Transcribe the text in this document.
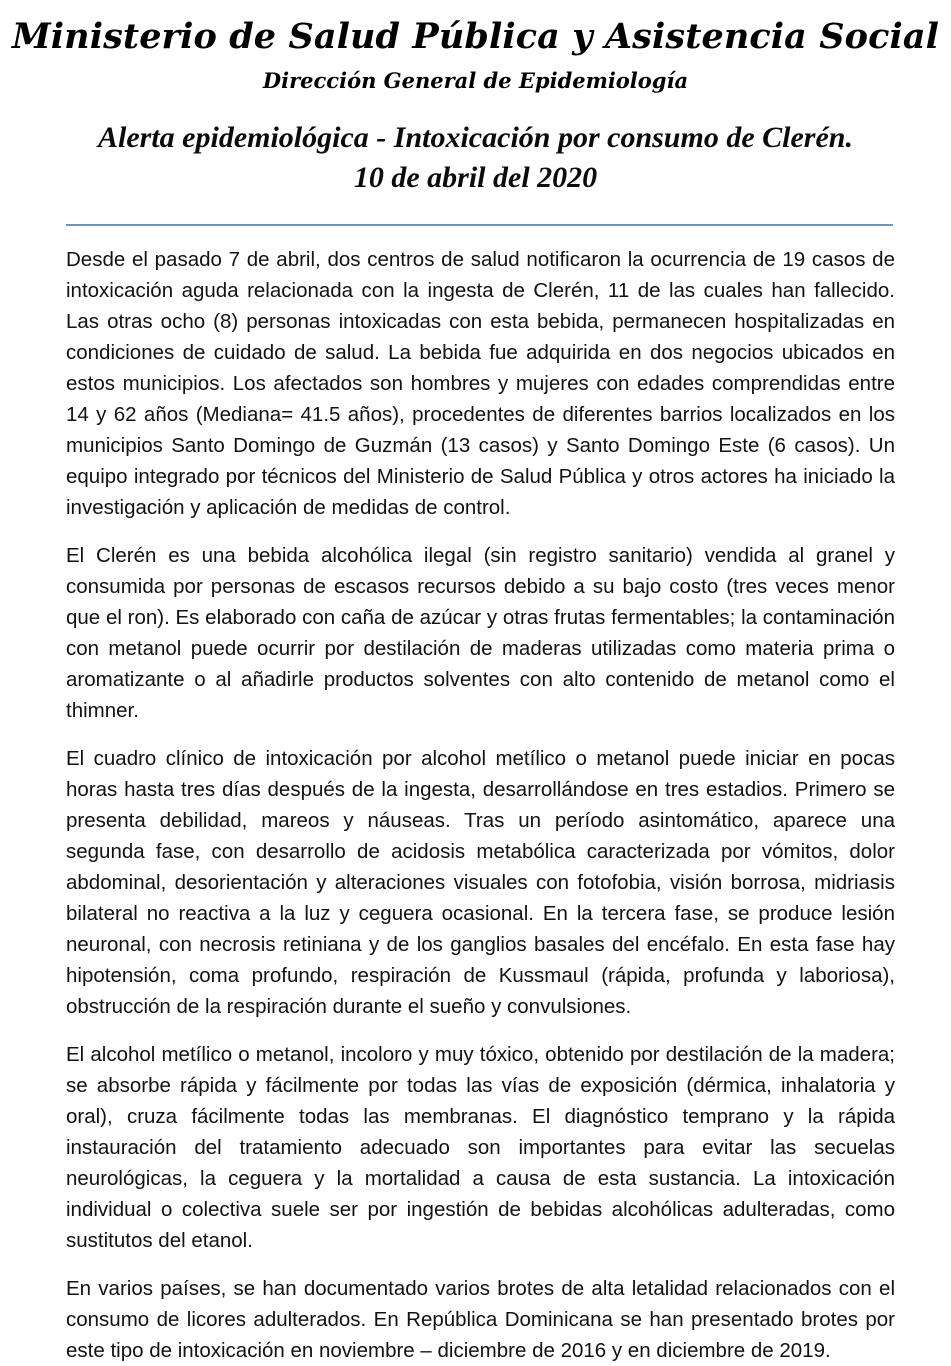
Ministerio de Salud Pública y Asistencia Social
Dirección General de Epidemiología
Alerta epidemiológica - Intoxicación por consumo de Clerén. 10 de abril del 2020

Desde el pasado 7 de abril, dos centros de salud notificaron la ocurrencia de 19 casos de intoxicación aguda relacionada con la ingesta de Clerén, 11 de las cuales han fallecido. Las otras ocho (8) personas intoxicadas con esta bebida, permanecen hospitalizadas en condiciones de cuidado de salud. La bebida fue adquirida en dos negocios ubicados en estos municipios. Los afectados son hombres y mujeres con edades comprendidas entre 14 y 62 años (Mediana= 41.5 años), procedentes de diferentes barrios localizados en los municipios Santo Domingo de Guzmán (13 casos) y Santo Domingo Este (6 casos). Un equipo integrado por técnicos del Ministerio de Salud Pública y otros actores ha iniciado la investigación y aplicación de medidas de control.

El Clerén es una bebida alcohólica ilegal (sin registro sanitario) vendida al granel y consumida por personas de escasos recursos debido a su bajo costo (tres veces menor que el ron). Es elaborado con caña de azúcar y otras frutas fermentables; la contaminación con metanol puede ocurrir por destilación de maderas utilizadas como materia prima o aromatizante o al añadirle productos solventes con alto contenido de metanol como el thimner.

El cuadro clínico de intoxicación por alcohol metílico o metanol puede iniciar en pocas horas hasta tres días después de la ingesta, desarrollándose en tres estadios. Primero se presenta debilidad, mareos y náuseas. Tras un período asintomático, aparece una segunda fase, con desarrollo de acidosis metabólica caracterizada por vómitos, dolor abdominal, desorientación y alteraciones visuales con fotofobia, visión borrosa, midriasis bilateral no reactiva a la luz y ceguera ocasional. En la tercera fase, se produce lesión neuronal, con necrosis retiniana y de los ganglios basales del encéfalo. En esta fase hay hipotensión, coma profundo, respiración de Kussmaul (rápida, profunda y laboriosa), obstrucción de la respiración durante el sueño y convulsiones.

El alcohol metílico o metanol, incoloro y muy tóxico, obtenido por destilación de la madera; se absorbe rápida y fácilmente por todas las vías de exposición (dérmica, inhalatoria y oral), cruza fácilmente todas las membranas. El diagnóstico temprano y la rápida instauración del tratamiento adecuado son importantes para evitar las secuelas neurológicas, la ceguera y la mortalidad a causa de esta sustancia. La intoxicación individual o colectiva suele ser por ingestión de bebidas alcohólicas adulteradas, como sustitutos del etanol.

En varios países, se han documentado varios brotes de alta letalidad relacionados con el consumo de licores adulterados. En República Dominicana se han presentado brotes por este tipo de intoxicación en noviembre – diciembre de 2016 y en diciembre de 2019.
